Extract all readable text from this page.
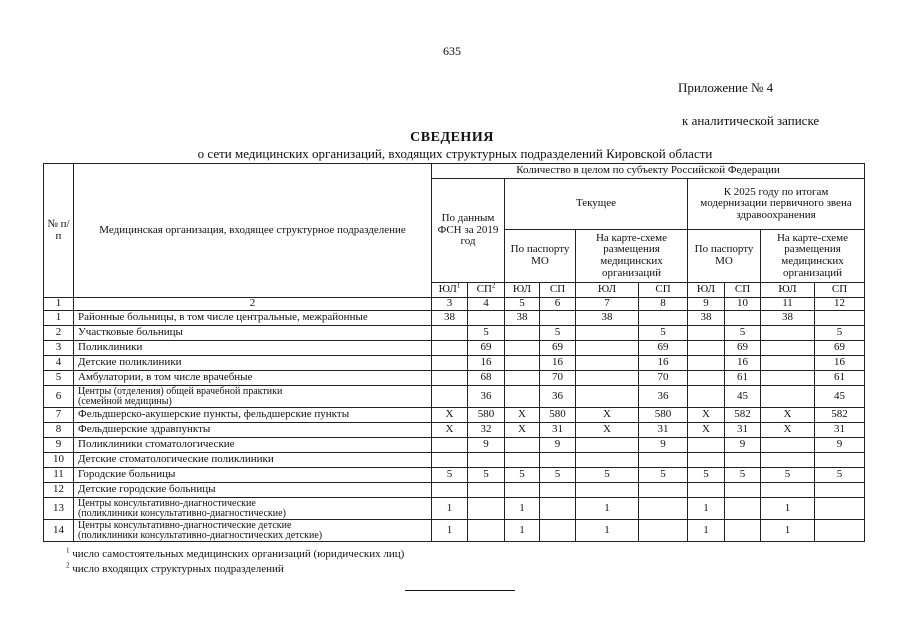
635
Приложение № 4
к аналитической записке
СВЕДЕНИЯ
о сети медицинских организаций, входящих структурных подразделений Кировской области
№ п/п	Медицинская организация, входящее структурное подразделение	Количество в целом по субъекту Российской Федерации									
		По данным ФСН за 2019 год		Текущее				К 2025 году по итогам модернизации первичного звена здравоохранения			
				По паспорту МО		На карте-схеме размещения медицинских организаций		По паспорту МО		На карте-схеме размещения медицинских организаций	
		$ЮЛ^1$	$СП^2$	ЮЛ	СП	ЮЛ	СП	ЮЛ	СП	ЮЛ	СП
1	2	3	4	5	6	7	8	9	10	11	12
1	Районные больницы, в том числе центральные, межрайонные	38		38		38		38		38	
2	Участковые больницы		5		5		5		5		5
3	Поликлиники		69		69		69		69		69
4	Детские поликлиники		16		16		16		16		16
5	Амбулатории, в том числе врачебные		68		70		70		61		61
6	Центры (отделения) общей врачебной практики
(семейной медицины)		36		36		36		45		45
7	Фельдшерско-акушерские пункты, фельдшерские пункты	Х	580	Х	580	Х	580	Х	582	Х	582
8	Фельдшерские здравпункты	Х	32	Х	31	Х	31	Х	31	Х	31
9	Поликлиники стоматологические		9		9		9		9		9
10	Детские стоматологические поликлиники										
11	Городские больницы	5	5	5	5	5	5	5	5	5	5
12	Детские городские больницы										
13	Центры консультативно-диагностические
(поликлиники консультативно-диагностические)	1		1		1		1		1	
14	Центры консультативно-диагностические детские
(поликлиники консультативно-диагностических детские)	1		1		1		1		1	
$^1$ число самостоятельных медицинских организаций (юридических лиц)
$^2$ число входящих структурных подразделений
